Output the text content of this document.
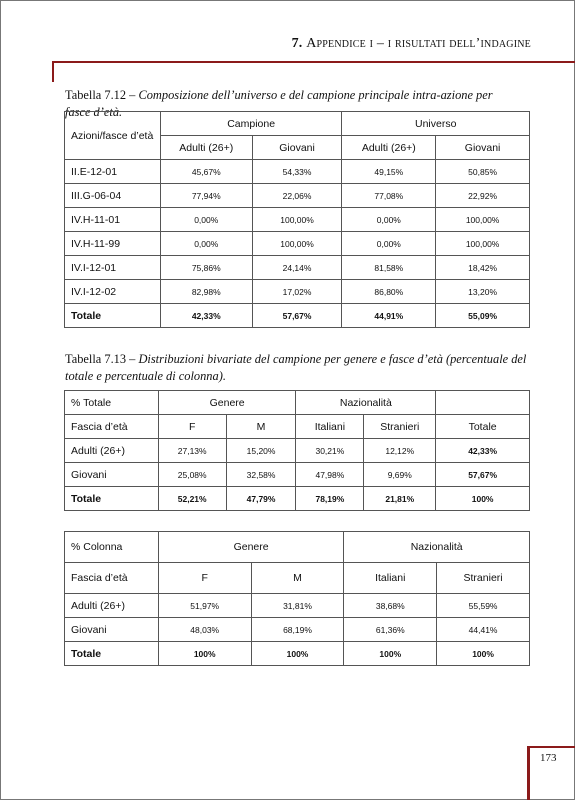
7. Appendice i – i risultati dell’indagine
Tabella 7.12 – Composizione dell’universo e del campione principale intra-azione per fasce d’età.
Azioni/fasce d’età	Campione		Universo	
	Adulti (26+)	Giovani	Adulti (26+)	Giovani
II.E-12-01	45,67%	54,33%	49,15%	50,85%
III.G-06-04	77,94%	22,06%	77,08%	22,92%
IV.H-11-01	0,00%	100,00%	0,00%	100,00%
IV.H-11-99	0,00%	100,00%	0,00%	100,00%
IV.I-12-01	75,86%	24,14%	81,58%	18,42%
IV.I-12-02	82,98%	17,02%	86,80%	13,20%
Totale	42,33%	57,67%	44,91%	55,09%
Tabella 7.13 – Distribuzioni bivariate del campione per genere e fasce d’età (percentuale del totale e percentuale di colonna).
% Totale	Genere		Nazionalità		
Fascia d’età	F	M	Italiani	Stranieri	Totale
Adulti (26+)	27,13%	15,20%	30,21%	12,12%	42,33%
Giovani	25,08%	32,58%	47,98%	9,69%	57,67%
Totale	52,21%	47,79%	78,19%	21,81%	100%
% Colonna	Genere		Nazionalità	
Fascia d’età	F	M	Italiani	Stranieri
Adulti (26+)	51,97%	31,81%	38,68%	55,59%
Giovani	48,03%	68,19%	61,36%	44,41%
Totale	100%	100%	100%	100%
173
